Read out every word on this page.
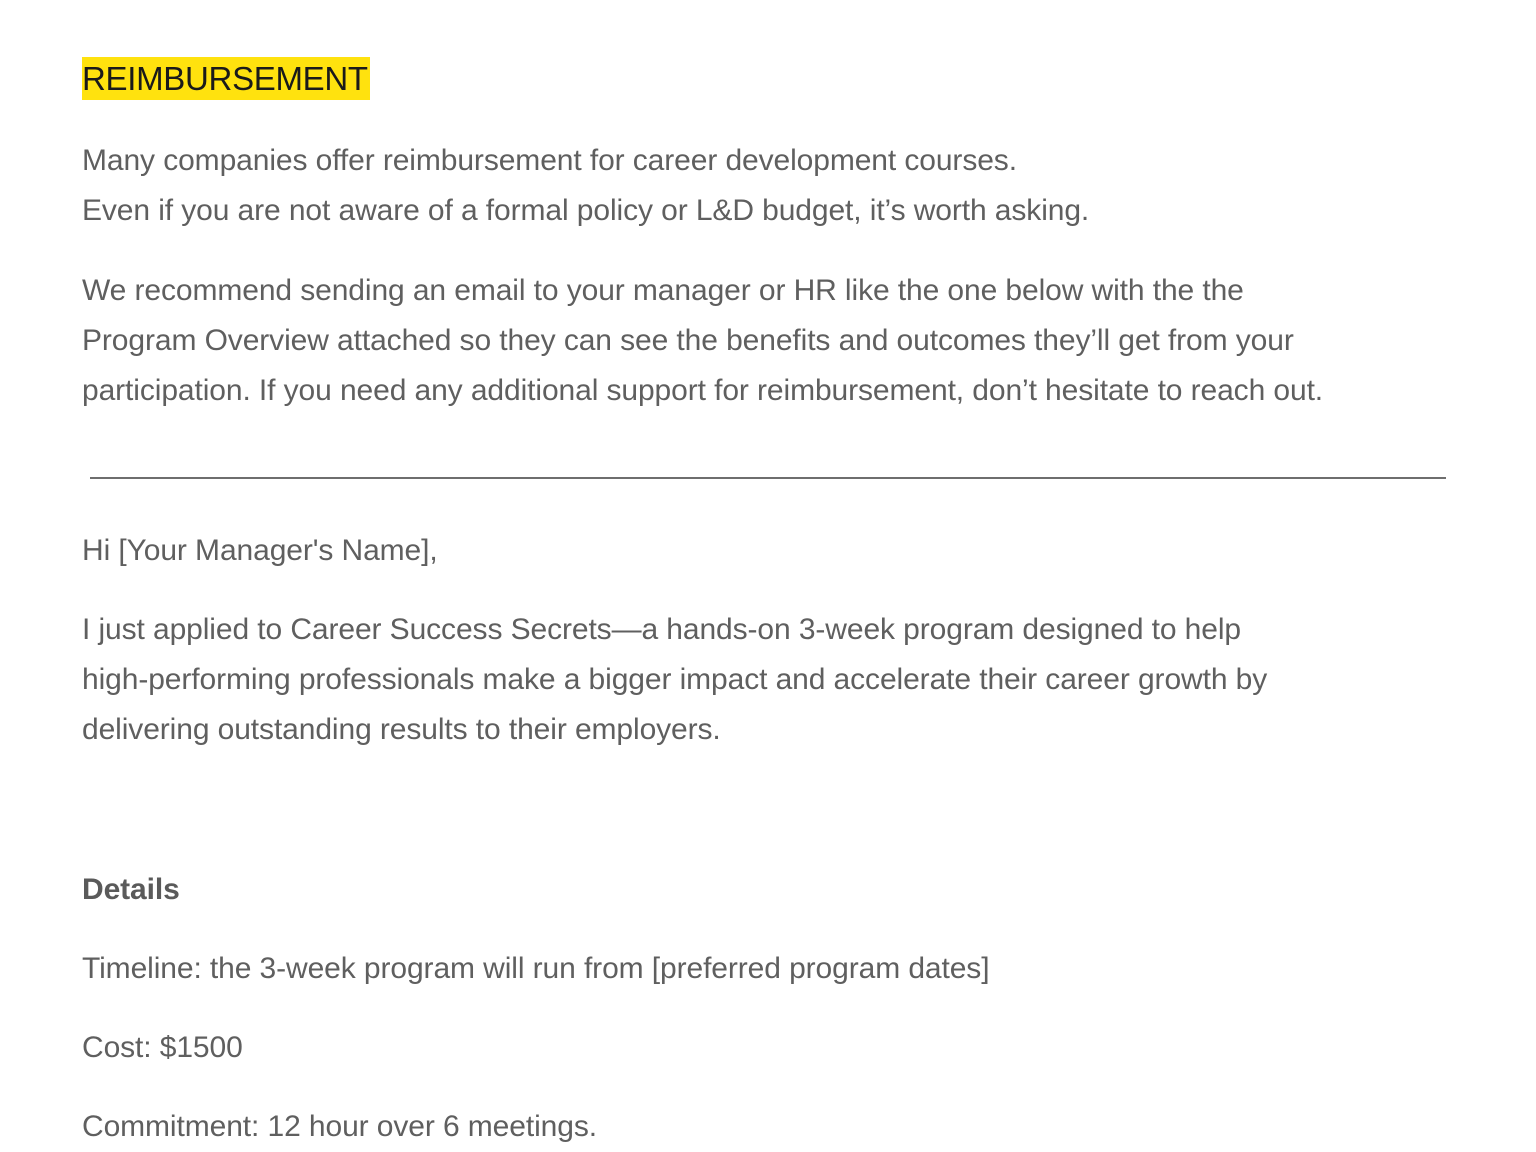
REIMBURSEMENT
Many companies offer reimbursement for career development courses.
Even if you are not aware of a formal policy or L&D budget, it’s worth asking.
We recommend sending an email to your manager or HR like the one below with the the
Program Overview attached so they can see the benefits and outcomes they’ll get from your
participation. If you need any additional support for reimbursement, don’t hesitate to reach out.
Hi [Your Manager's Name],
I just applied to Career Success Secrets—a hands-on 3-week program designed to help
high-performing professionals make a bigger impact and accelerate their career growth by
delivering outstanding results to their employers.
Details
Timeline: the 3-week program will run from [preferred program dates]
Cost: $1500
Commitment: 12 hour over 6 meetings.
